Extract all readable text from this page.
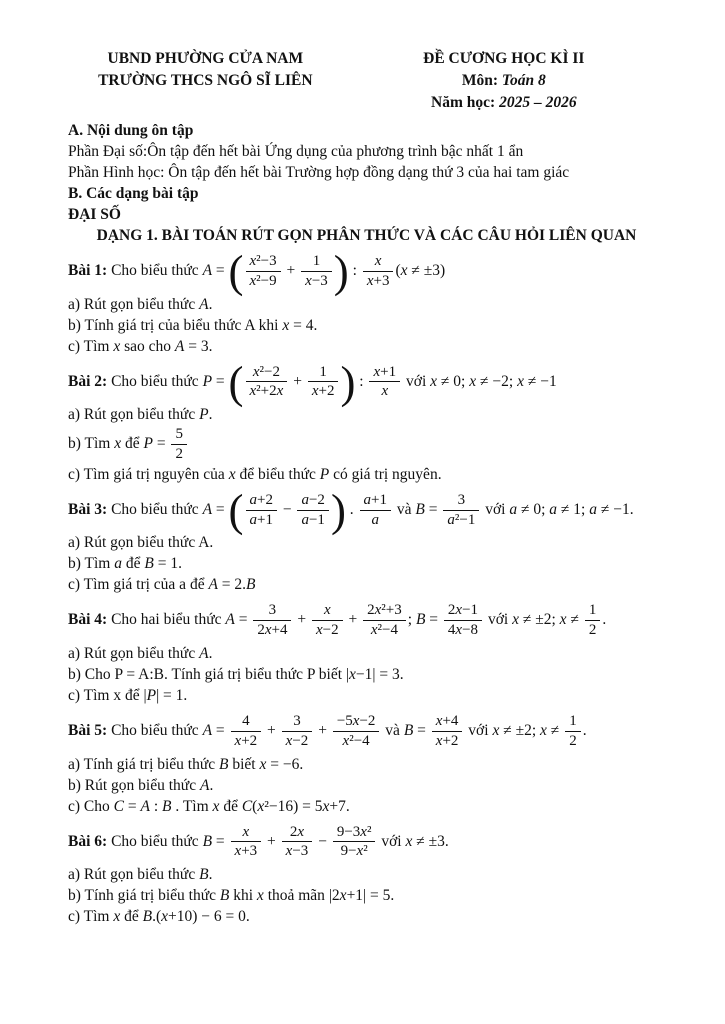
UBND PHƯỜNG CỬA NAM
TRƯỜNG THCS NGÔ SĨ LIÊN
ĐỀ CƯƠNG HỌC KÌ II
Môn: Toán 8
Năm học: 2025 – 2026
A. Nội dung ôn tập
Phần Đại số:Ôn tập đến hết bài Ứng dụng của phương trình bậc nhất 1 ẩn
Phần Hình học: Ôn tập đến hết bài Trường hợp đồng dạng thứ 3 của hai tam giác
B. Các dạng bài tập
ĐẠI SỐ
DẠNG 1. BÀI TOÁN RÚT GỌN PHÂN THỨC VÀ CÁC CÂU HỎI LIÊN QUAN
Bài 1: Cho biểu thức A = ( $\frac{\text{x²−3}}{\text{x²−9}} + \frac{1}{x-3}$ ) : $\frac{x}{x+3} (x \ne \pm 3)$
a) Rút gọn biểu thức A.
b) Tính giá trị của biểu thức A khi x = 4.
c) Tìm x sao cho A = 3.
Bài 2: Cho biểu thức P = ( $\frac{\text{x²−2}}{\text{x²+2x}} + \frac{1}{x+2}$ ) : $\frac{x+1}{x}$ với x ≠ 0; x ≠ −2; x ≠ −1
a) Rút gọn biểu thức P.
b) Tìm x để $P = \frac{5}{2}$
c) Tìm giá trị nguyên của x để biểu thức P có giá trị nguyên.
Bài 3: Cho biểu thức A = ( $\frac{a+2}{a+1} - \frac{a-2}{a-1}$ ) . $\frac{a+1}{a}$ và $B = \frac{3}{\text{a²−1}}$ với a ≠ 0; a ≠ 1; a ≠ −1.
a) Rút gọn biểu thức A.
b) Tìm a để B = 1.
c) Tìm giá trị của a để A = 2.B
Bài 4: Cho hai biểu thức $A = \frac{3}{2x+4} + \frac{x}{x-2} + \frac{\text{2x²+3}}{\text{x²−4}}$ ; $B = \frac{2x-1}{4x-8}$ với x ≠ ±2; $x \ne \frac{1}{2}$ .
a) Rút gọn biểu thức A.
b) Cho P = A:B. Tính giá trị biểu thức P biết |x−1| = 3.
c) Tìm x để |P| = 1.
Bài 5: Cho biểu thức $A = \frac{4}{x+2} + \frac{3}{x-2} + \frac{-5x-2}{\text{x²−4}}$ và $B = \frac{x+4}{x+2}$ với x ≠ ±2; $x \ne \frac{1}{2}$ .
a) Tính giá trị biểu thức B biết x = −6.
b) Rút gọn biểu thức A.
c) Cho C = A : B . Tìm x để C(x²−16) = 5x+7.
Bài 6: Cho biểu thức $B = \frac{x}{x+3} + \frac{2x}{x-3} - \frac{\text{9−3x²}}{\text{9−x²}}$ với x ≠ ±3.
a) Rút gọn biểu thức B.
b) Tính giá trị biểu thức B khi x thoả mãn |2x+1| = 5.
c) Tìm x để B.(x+10) − 6 = 0.
